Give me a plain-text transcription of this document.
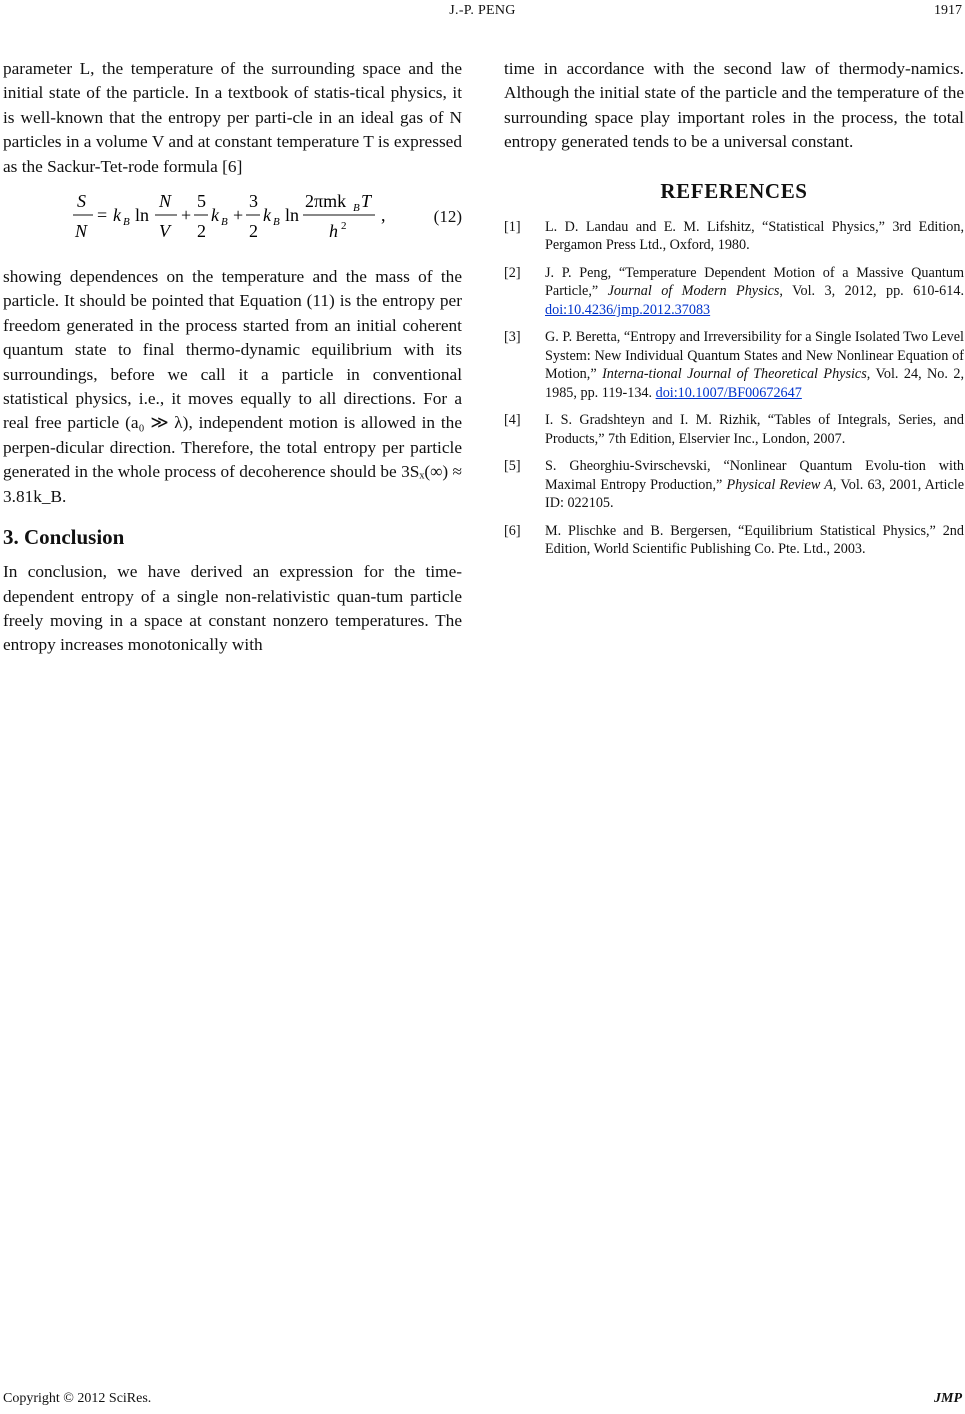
J.-P. PENG	1917

parameter L, the temperature of the surrounding space and the initial state of the particle. In a textbook of statis-tical physics, it is well-known that the entropy per parti-cle in an ideal gas of N particles in a volume V and at constant temperature T is expressed as the Sackur-Tet-rode formula [6]

S
N
= k B ln
N
V
+
5
2
k B +
3
2
k B ln
2πmk B T
h 2
,	(12)

showing dependences on the temperature and the mass of the particle. It should be pointed that Equation (11) is the entropy per freedom generated in the process started from an initial coherent quantum state to final thermo-dynamic equilibrium with its surroundings, before we call it a particle in conventional statistical physics, i.e., it moves equally to all directions. For a real free particle (a₀ ≫ λ), independent motion is allowed in the perpen-dicular direction. Therefore, the total entropy per particle generated in the whole process of decoherence should be 3Sₓ(∞) ≈ 3.81k_B.

3. Conclusion

In conclusion, we have derived an expression for the time-dependent entropy of a single non-relativistic quan-tum particle freely moving in a space at constant nonzero temperatures. The entropy increases monotonically with

time in accordance with the second law of thermody-namics. Although the initial state of the particle and the temperature of the surrounding space play important roles in the process, the total entropy generated tends to be a universal constant.

REFERENCES
[1] L. D. Landau and E. M. Lifshitz, “Statistical Physics,” 3rd Edition, Pergamon Press Ltd., Oxford, 1980.
[2] J. P. Peng, “Temperature Dependent Motion of a Massive Quantum Particle,” Journal of Modern Physics, Vol. 3, 2012, pp. 610-614. doi:10.4236/jmp.2012.37083
[3] G. P. Beretta, “Entropy and Irreversibility for a Single Isolated Two Level System: New Individual Quantum States and New Nonlinear Equation of Motion,” Interna-tional Journal of Theoretical Physics, Vol. 24, No. 2, 1985, pp. 119-134. doi:10.1007/BF00672647
[4] I. S. Gradshteyn and I. M. Rizhik, “Tables of Integrals, Series, and Products,” 7th Edition, Elservier Inc., London, 2007.
[5] S. Gheorghiu-Svirschevski, “Nonlinear Quantum Evolu-tion with Maximal Entropy Production,” Physical Review A, Vol. 63, 2001, Article ID: 022105.
[6] M. Plischke and B. Bergersen, “Equilibrium Statistical Physics,” 2nd Edition, World Scientific Publishing Co. Pte. Ltd., 2003.
Copyright © 2012 SciRes.	JMP
